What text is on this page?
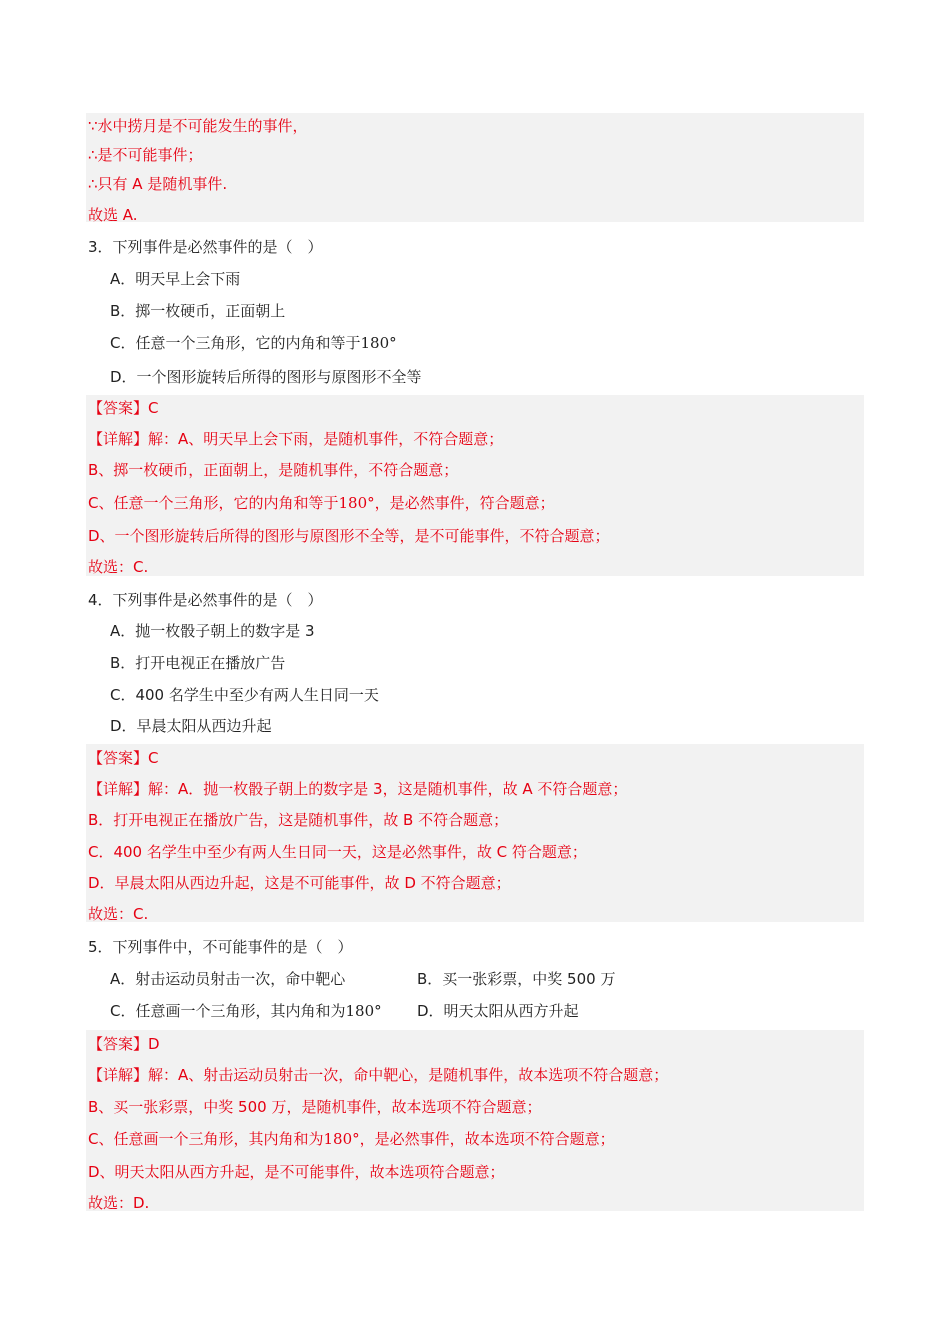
∵水中捞月是不可能发生的事件，
∴是不可能事件；
∴只有 A 是随机事件.
故选 A.
3．下列事件是必然事件的是（　）
A．明天早上会下雨
B．掷一枚硬币，正面朝上
C．任意一个三角形，它的内角和等于180°
D．一个图形旋转后所得的图形与原图形不全等
【答案】C
【详解】解：A、明天早上会下雨，是随机事件，不符合题意；
B、掷一枚硬币，正面朝上，是随机事件，不符合题意；
C、任意一个三角形，它的内角和等于180°，是必然事件，符合题意；
D、一个图形旋转后所得的图形与原图形不全等，是不可能事件，不符合题意；
故选：C.
4．下列事件是必然事件的是（　）
A．抛一枚骰子朝上的数字是 3
B．打开电视正在播放广告
C．400 名学生中至少有两人生日同一天
D．早晨太阳从西边升起
【答案】C
【详解】解：A．抛一枚骰子朝上的数字是 3，这是随机事件，故 A 不符合题意；
B．打开电视正在播放广告，这是随机事件，故 B 不符合题意；
C．400 名学生中至少有两人生日同一天，这是必然事件，故 C 符合题意；
D．早晨太阳从西边升起，这是不可能事件，故 D 不符合题意；
故选：C.
5．下列事件中，不可能事件的是（　）
A．射击运动员射击一次，命中靶心	B．买一张彩票，中奖 500 万
C．任意画一个三角形，其内角和为180° D．明天太阳从西方升起
【答案】D
【详解】解：A、射击运动员射击一次，命中靶心，是随机事件，故本选项不符合题意；
B、买一张彩票，中奖 500 万，是随机事件，故本选项不符合题意；
C、任意画一个三角形，其内角和为180°，是必然事件，故本选项不符合题意；
D、明天太阳从西方升起，是不可能事件，故本选项符合题意；
故选：D.
